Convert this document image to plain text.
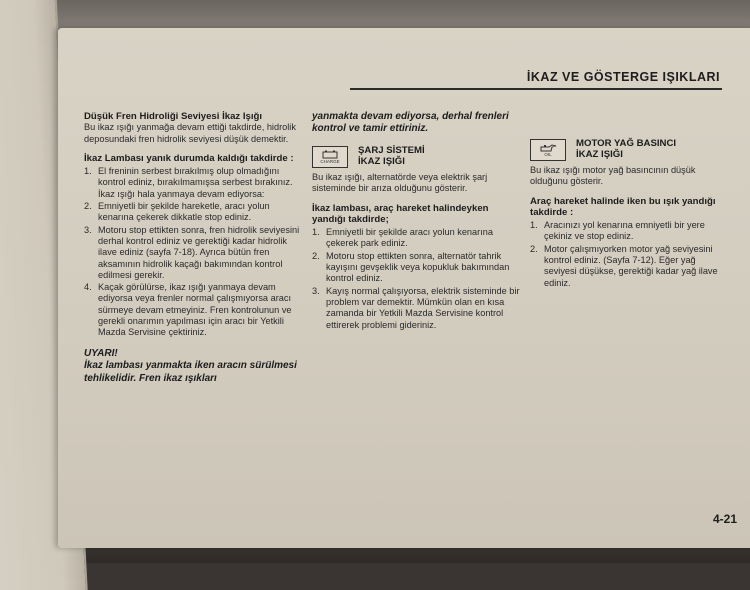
İKAZ VE GÖSTERGE IŞIKLARI
Düşük Fren Hidroliği Seviyesi İkaz Işığı
Bu ikaz ışığı yanmağa devam ettiği takdirde, hidrolik deposundaki fren hidrolik seviyesi düşük demektir.
İkaz Lambası yanık durumda kaldığı takdirde :
1. El freninin serbest bırakılmış olup olmadığını kontrol ediniz, bırakılmamışsa serbest bırakınız. İkaz ışığı hala yanmaya devam ediyorsa:
2. Emniyetli bir şekilde hareketle, aracı yolun kenarına çekerek dikkatle stop ediniz.
3. Motoru stop ettikten sonra, fren hidrolik seviyesini derhal kontrol ediniz ve gerektiği kadar hidrolik ilave ediniz (sayfa 7-18). Ayrıca bütün fren aksamının hidrolik kaçağı bakımından kontrol edilmesi gerekir.
4. Kaçak görülürse, ikaz ışığı yanmaya devam ediyorsa veya frenler normal çalışmıyorsa aracı sürmeye devam etmeyiniz. Fren kontrolunun ve gerekli onarımın yapılması için aracı bir Yetkili Mazda Servisine çektiriniz.
UYARI!
İkaz lambası yanmakta iken aracın sürülmesi tehlikelidir. Fren ikaz ışıkları
yanmakta devam ediyorsa, derhal frenleri kontrol ve tamir ettiriniz.
CHARGE
ŞARJ SİSTEMİ
İKAZ IŞIĞI
Bu ikaz ışığı, alternatörde veya elektrik şarj sisteminde bir arıza olduğunu gösterir.
İkaz lambası, araç hareket halindeyken yandığı takdirde;
1. Emniyetli bir şekilde aracı yolun kenarına çekerek park ediniz.
2. Motoru stop ettikten sonra, alternatör tahrik kayışını gevşeklik veya kopukluk bakımından kontrol ediniz.
3. Kayış normal çalışıyorsa, elektrik sisteminde bir problem var demektir. Mümkün olan en kısa zamanda bir Yetkili Mazda Servisine kontrol ettirerek problemi gideriniz.
OIL
MOTOR YAĞ BASINCI
İKAZ IŞIĞI
Bu ikaz ışığı motor yağ basıncının düşük olduğunu gösterir.
Araç hareket halinde iken bu ışık yandığı takdirde :
1. Aracınızı yol kenarına emniyetli bir yere çekiniz ve stop ediniz.
2. Motor çalışmıyorken motor yağ seviyesini kontrol ediniz. (Sayfa 7-12). Eğer yağ seviyesi düşükse, gerektiği kadar yağ ilave ediniz.
4-21
